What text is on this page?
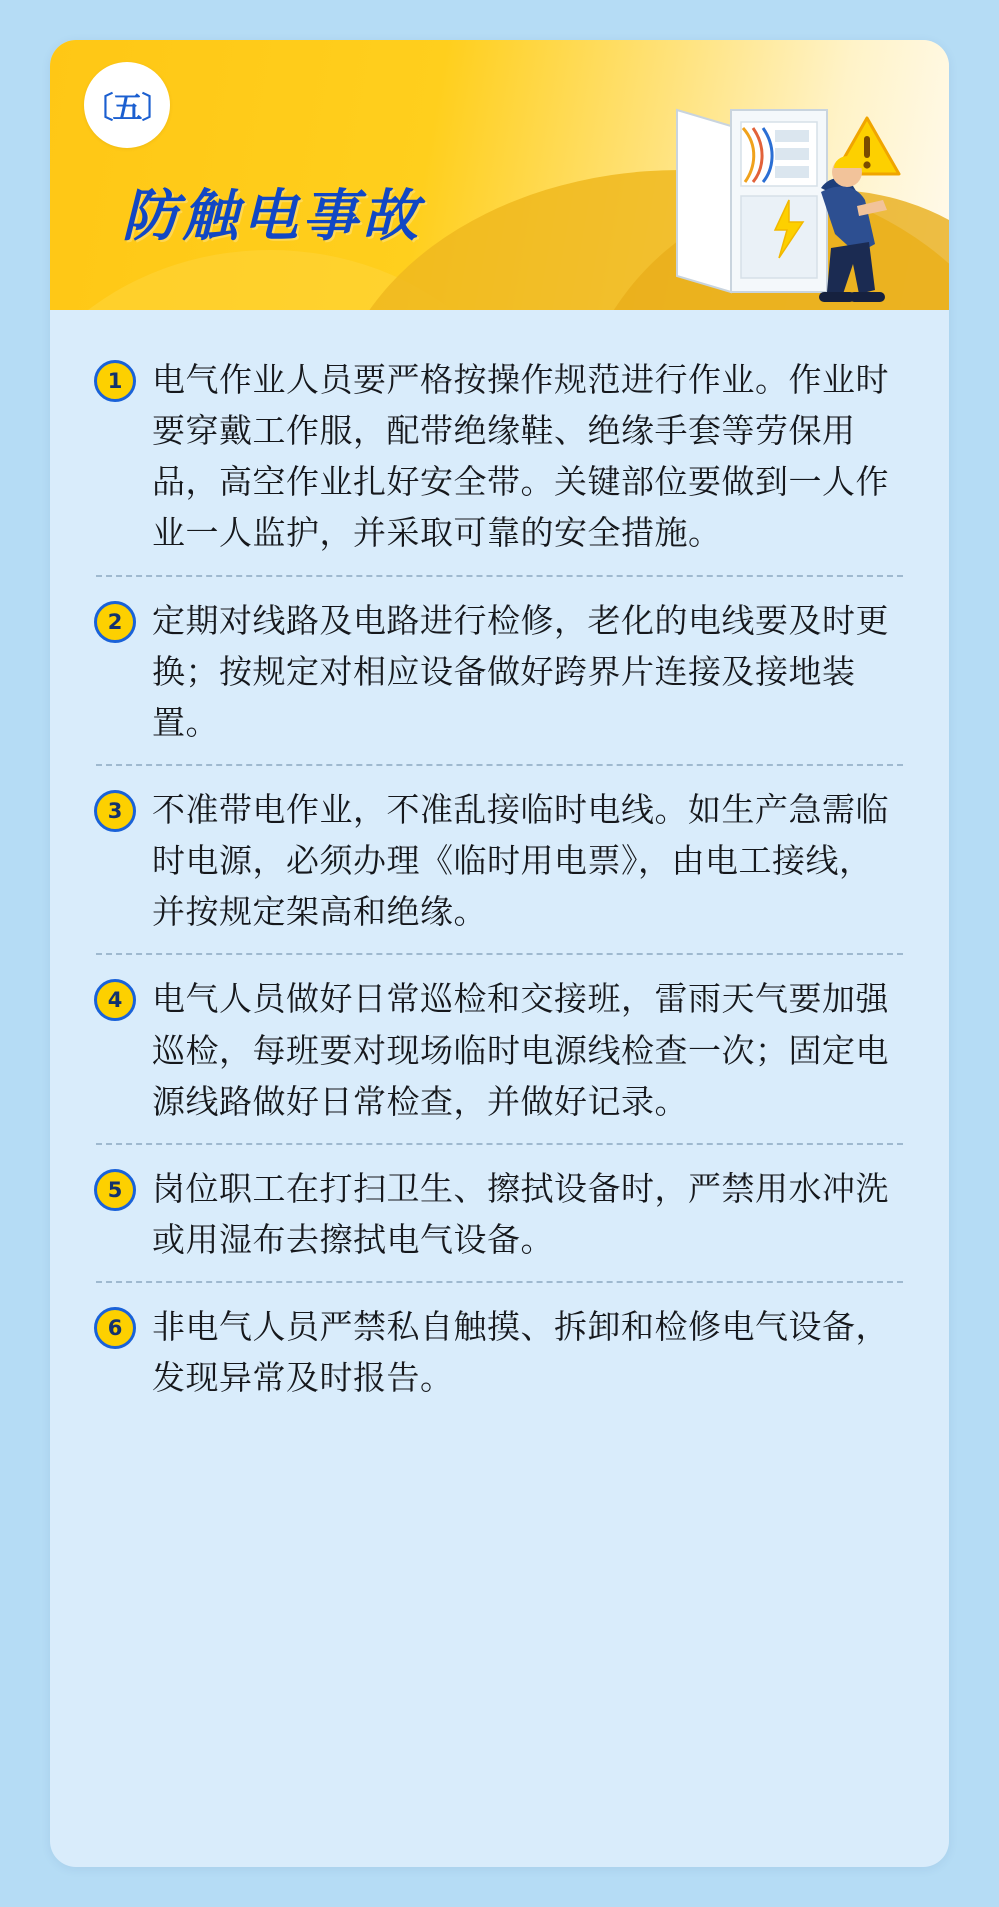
〔五〕
防触电事故
1 电气作业人员要严格按操作规范进行作业。作业时要穿戴工作服，配带绝缘鞋、绝缘手套等劳保用品，高空作业扎好安全带。关键部位要做到一人作业一人监护，并采取可靠的安全措施。
2 定期对线路及电路进行检修，老化的电线要及时更换；按规定对相应设备做好跨界片连接及接地装置。
3 不准带电作业，不准乱接临时电线。如生产急需临时电源，必须办理《临时用电票》，由电工接线，并按规定架高和绝缘。
4 电气人员做好日常巡检和交接班，雷雨天气要加强巡检，每班要对现场临时电源线检查一次；固定电源线路做好日常检查，并做好记录。
5 岗位职工在打扫卫生、擦拭设备时，严禁用水冲洗或用湿布去擦拭电气设备。
6 非电气人员严禁私自触摸、拆卸和检修电气设备，发现异常及时报告。
